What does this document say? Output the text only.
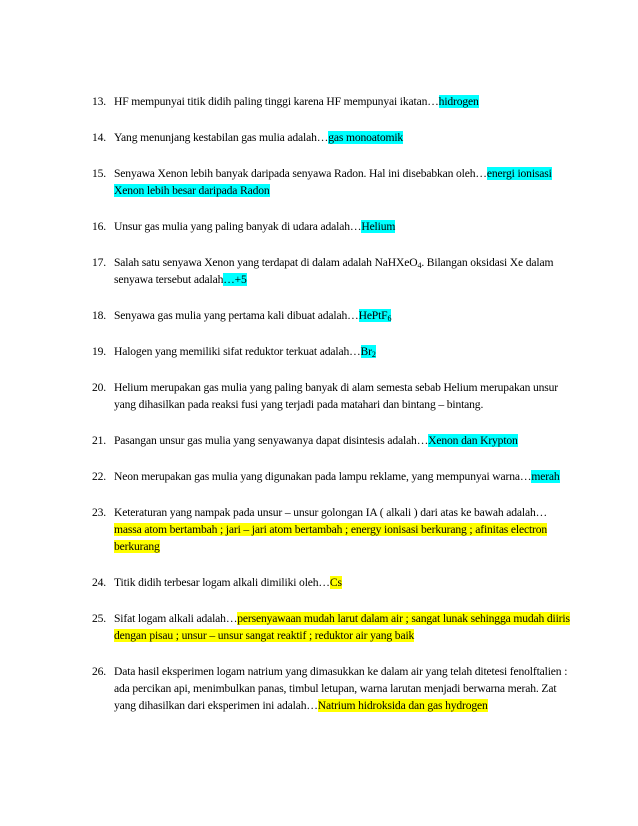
13. HF mempunyai titik didih paling tinggi karena HF mempunyai ikatan…hidrogen
14. Yang menunjang kestabilan gas mulia adalah…gas monoatomik
15. Senyawa Xenon lebih banyak daripada senyawa Radon. Hal ini disebabkan oleh…energi ionisasi Xenon lebih besar daripada Radon
16. Unsur gas mulia yang paling banyak di udara adalah…Helium
17. Salah satu senyawa Xenon yang terdapat di dalam adalah NaHXeO$_4$. Bilangan oksidasi Xe dalam senyawa tersebut adalah…+5
18. Senyawa gas mulia yang pertama kali dibuat adalah…HePtF$_6$
19. Halogen yang memiliki sifat reduktor terkuat $adalah\dots Br_2$
20. Helium merupakan gas mulia yang paling banyak di alam semesta sebab Helium merupakan unsur yang dihasilkan pada reaksi fusi yang terjadi pada matahari dan bintang – bintang.
21. Pasangan unsur gas mulia yang senyawanya dapat disintesis adalah…Xenon dan Krypton
22. Neon merupakan gas mulia yang digunakan pada lampu reklame, yang mempunyai warna…merah
23. Keteraturan yang nampak pada unsur – unsur golongan IA ( alkali ) dari atas ke bawah adalah…massa atom bertambah ; jari – jari atom bertambah ; energy ionisasi berkurang ; afinitas electron berkurang
24. Titik didih terbesar logam alkali dimiliki oleh…Cs
25. Sifat logam alkali adalah…persenyawaan mudah larut dalam air ; sangat lunak sehingga mudah diiris dengan pisau ; unsur – unsur sangat reaktif ; reduktor air yang baik
26. Data hasil eksperimen logam natrium yang dimasukkan ke dalam air yang telah ditetesi fenolftalien : ada percikan api, menimbulkan panas, timbul letupan, warna larutan menjadi berwarna merah. Zat yang dihasilkan dari eksperimen ini adalah…Natrium hidroksida dan gas hydrogen
